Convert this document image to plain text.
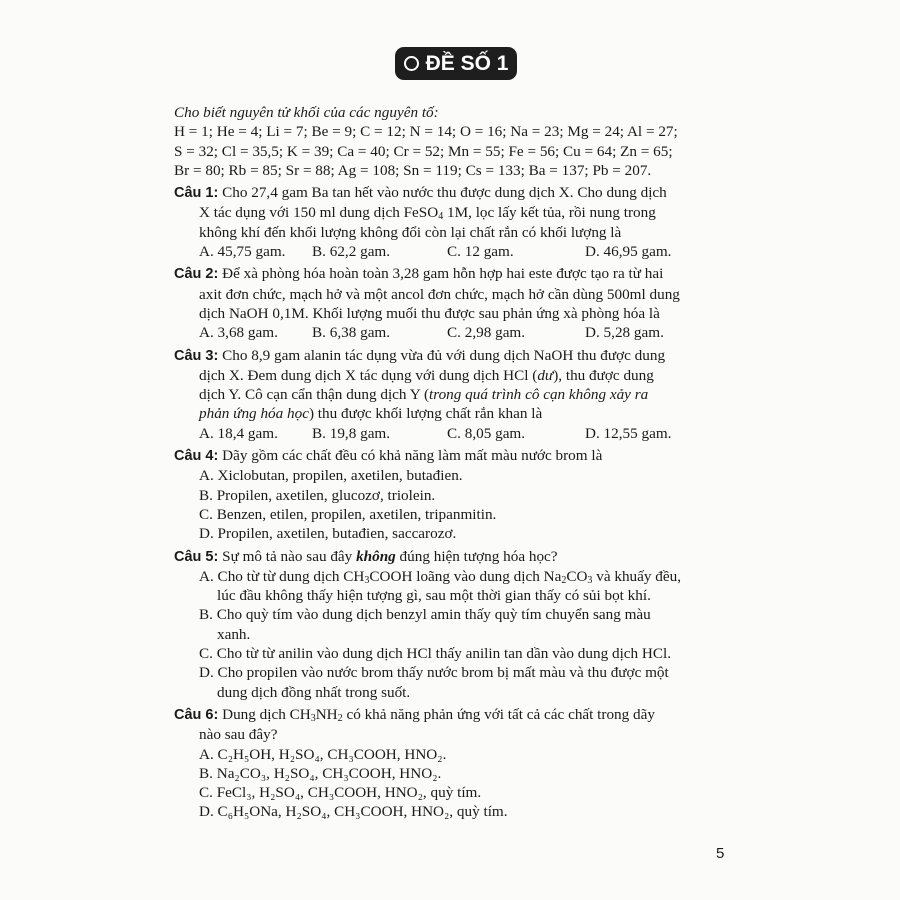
ĐỀ SỐ 1
Cho biết nguyên tử khối của các nguyên tố:
H = 1; He = 4; Li = 7; Be = 9; C = 12; N = 14; O = 16; Na = 23; Mg = 24; Al = 27;
S = 32; Cl = 35,5; K = 39; Ca = 40; Cr = 52; Mn = 55; Fe = 56; Cu = 64; Zn = 65;
Br = 80; Rb = 85; Sr = 88; Ag = 108; Sn = 119; Cs = 133; Ba = 137; Pb = 207.
Câu 1: Cho 27,4 gam Ba tan hết vào nước thu được dung dịch X. Cho dung dịch
X tác dụng với 150 ml dung dịch FeSO$_4$ 1M, lọc lấy kết tủa, rồi nung trong
không khí đến khối lượng không đổi còn lại chất rắn có khối lượng là
A. 45,75 gam.	B. 62,2 gam.	C. 12 gam.	D. 46,95 gam.
Câu 2: Để xà phòng hóa hoàn toàn 3,28 gam hỗn hợp hai este được tạo ra từ hai
axit đơn chức, mạch hở và một ancol đơn chức, mạch hở cần dùng 500ml dung
dịch NaOH 0,1M. Khối lượng muối thu được sau phản ứng xà phòng hóa là
A. 3,68 gam.	B. 6,38 gam.	C. 2,98 gam.	D. 5,28 gam.
Câu 3: Cho 8,9 gam alanin tác dụng vừa đủ với dung dịch NaOH thu được dung
dịch X. Đem dung dịch X tác dụng với dung dịch HCl (dư), thu được dung
dịch Y. Cô cạn cẩn thận dung dịch Y (trong quá trình cô cạn không xảy ra
phản ứng hóa học) thu được khối lượng chất rắn khan là
A. 18,4 gam.	B. 19,8 gam.	C. 8,05 gam.	D. 12,55 gam.
Câu 4: Dãy gồm các chất đều có khả năng làm mất màu nước brom là
A. Xiclobutan, propilen, axetilen, butađien.
B. Propilen, axetilen, glucozơ, triolein.
C. Benzen, etilen, propilen, axetilen, tripanmitin.
D. Propilen, axetilen, butađien, saccarozơ.
Câu 5: Sự mô tả nào sau đây không đúng hiện tượng hóa học?
A. Cho từ từ dung dịch $CH_3COOH$ loãng vào dung dịch $Na_2CO_3$ và khuấy đều,
lúc đầu không thấy hiện tượng gì, sau một thời gian thấy có sủi bọt khí.
B. Cho quỳ tím vào dung dịch benzyl amin thấy quỳ tím chuyển sang màu
xanh.
C. Cho từ từ anilin vào dung dịch HCl thấy anilin tan dần vào dung dịch HCl.
D. Cho propilen vào nước brom thấy nước brom bị mất màu và thu được một
dung dịch đồng nhất trong suốt.
Câu 6: Dung dịch $CH_3NH_2$ có khả năng phản ứng với tất cả các chất trong dãy
nào sau đây?
A. C₂H₅OH, H₂SO₄, CH₃COOH, HNO₂.
B. Na₂CO₃, H₂SO₄, CH₃COOH, HNO₂.
C. FeCl₃, H₂SO₄, CH₃COOH, HNO₂, quỳ tím.
D. C₆H₅ONa, H₂SO₄, CH₃COOH, HNO₂, quỳ tím.
5
